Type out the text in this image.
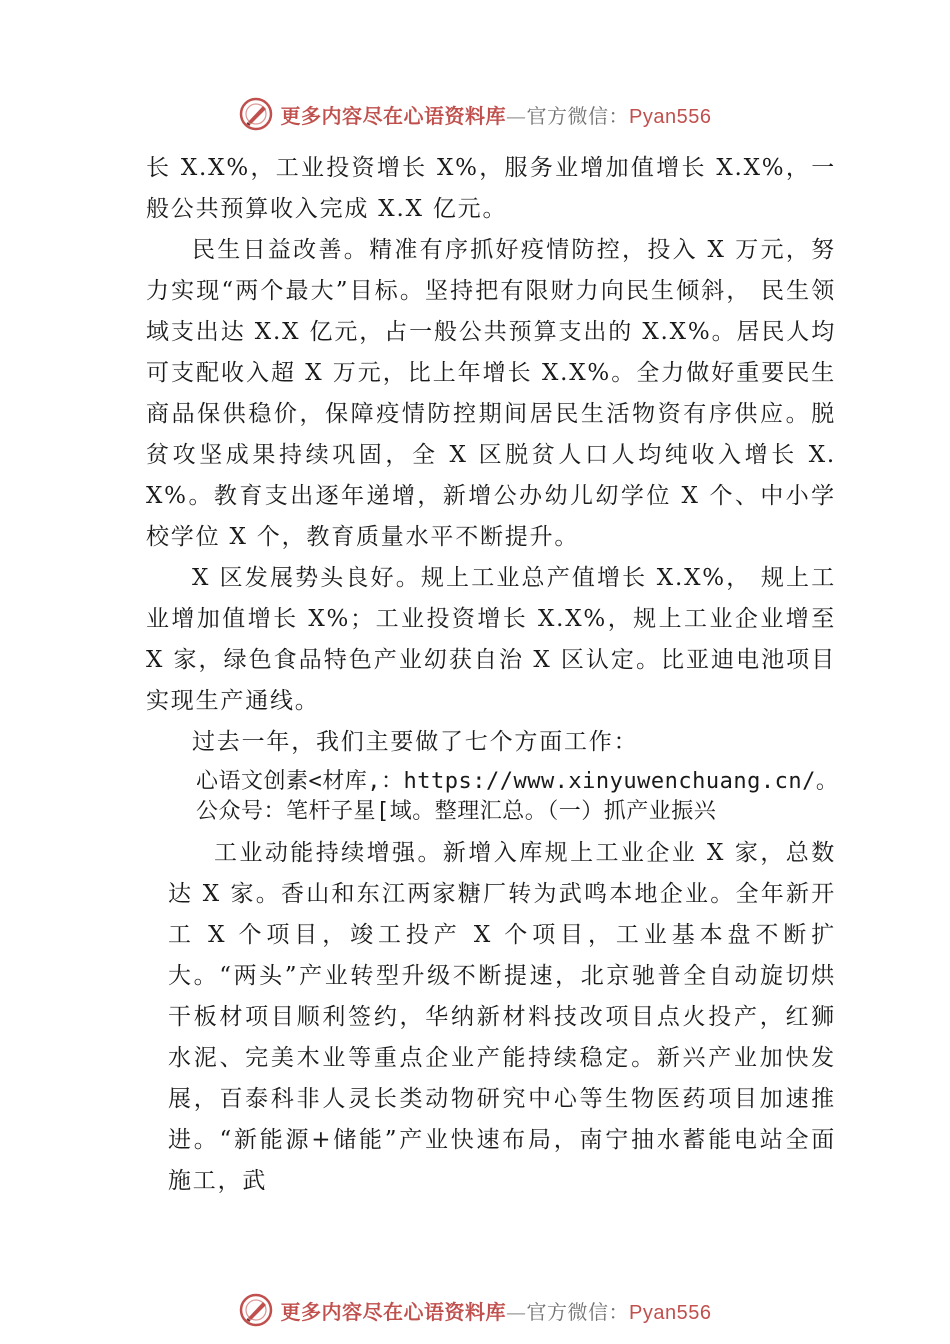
更多内容尽在心语资料库—官方微信：Pyan556

长 X.X%，工业投资增长 X%，服务业增加值增长 X.X%，一般公共预算收入完成 X.X 亿元。

民生日益改善。精准有序抓好疫情防控，投入 X 万元，努力实现“两个最大”目标。坚持把有限财力向民生倾斜， 民生领域支出达 X.X 亿元，占一般公共预算支出的 X.X%。居民人均可支配收入超 X 万元，比上年增长 X.X%。全力做好重要民生商品保供稳价，保障疫情防控期间居民生活物资有序供应。脱贫攻坚成果持续巩固，全 X 区脱贫人口人均纯收入增长 X.X%。教育支出逐年递增，新增公办幼儿㓜学位 X 个、中小学校学位 X 个，教育质量水平不断提升。

X 区发展势头良好。规上工业总产值增长 X.X%， 规上工业增加值增长 X%；工业投资增长 X.X%，规上工业企业增至 X 家，绿色食品特色产业㓜获自治 X 区认定。比亚迪电池项目实现生产通线。

过去一年，我们主要做了七个方面工作：

心语文创素<材库,：https://www.xinyuwenchuang.cn/。
公众号：笔杆子星[域。整理汇总。（一）抓产业振兴

工业动能持续增强。新增入库规上工业企业 X 家，总数达 X 家。香山和东江两家糖厂转为武鸣本地企业。全年新开工 X 个项目，竣工投产 X 个项目，工业基本盘不断扩大。“两头”产业转型升级不断提速，北京驰普全自动旋切烘干板材项目顺利签约，华纳新材料技改项目点火投产，红狮水泥、完美木业等重点企业产能持续稳定。新兴产业加快发展，百泰科非人灵长类动物研究中心等生物医药项目加速推进。“新能源+储能”产业快速布局，南宁抽水蓄能电站全面施工，武

更多内容尽在心语资料库—官方微信：Pyan556
